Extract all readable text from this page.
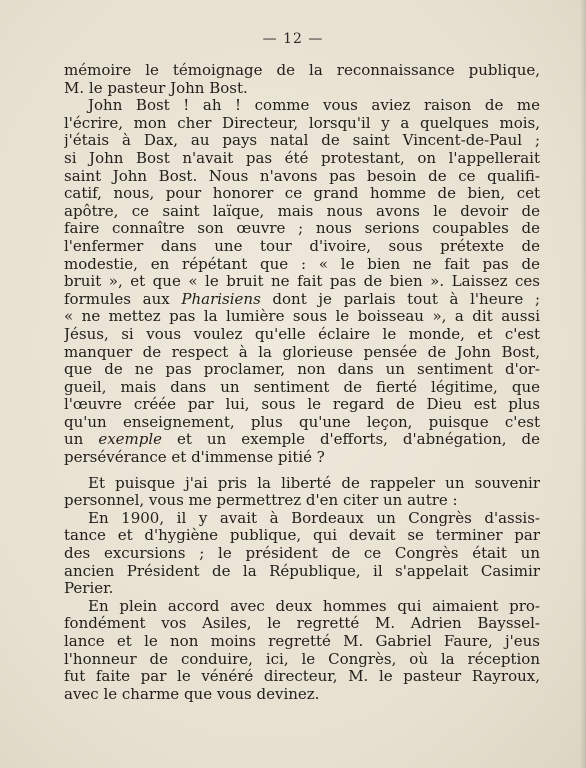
— 12 —
mémoire le témoignage de la reconnaissance publique,
M. le pasteur John Bost.
John Bost ! ah ! comme vous aviez raison de me
l'écrire, mon cher Directeur, lorsqu'il y a quelques mois,
j'étais à Dax, au pays natal de saint Vincent-de-Paul ;
si John Bost n'avait pas été protestant, on l'appellerait
saint John Bost. Nous n'avons pas besoin de ce qualifi-
catif, nous, pour honorer ce grand homme de bien, cet
apôtre, ce saint laïque, mais nous avons le devoir de
faire connaître son œuvre ; nous serions coupables de
l'enfermer dans une tour d'ivoire, sous prétexte de
modestie, en répétant que : « le bien ne fait pas de
bruit », et que « le bruit ne fait pas de bien ». Laissez ces
formules aux Pharisiens dont je parlais tout à l'heure ;
« ne mettez pas la lumière sous le boisseau », a dit aussi
Jésus, si vous voulez qu'elle éclaire le monde, et c'est
manquer de respect à la glorieuse pensée de John Bost,
que de ne pas proclamer, non dans un sentiment d'or-
gueil, mais dans un sentiment de fierté légitime, que
l'œuvre créée par lui, sous le regard de Dieu est plus
qu'un enseignement, plus qu'une leçon, puisque c'est
un exemple et un exemple d'efforts, d'abnégation, de
persévérance et d'immense pitié ?
Et puisque j'ai pris la liberté de rappeler un souvenir
personnel, vous me permettrez d'en citer un autre :
En 1900, il y avait à Bordeaux un Congrès d'assis-
tance et d'hygiène publique, qui devait se terminer par
des excursions ; le président de ce Congrès était un
ancien Président de la République, il s'appelait Casimir
Perier.
En plein accord avec deux hommes qui aimaient pro-
fondément vos Asiles, le regretté M. Adrien Bayssel-
lance et le non moins regretté M. Gabriel Faure, j'eus
l'honneur de conduire, ici, le Congrès, où la réception
fut faite par le vénéré directeur, M. le pasteur Rayroux,
avec le charme que vous devinez.
